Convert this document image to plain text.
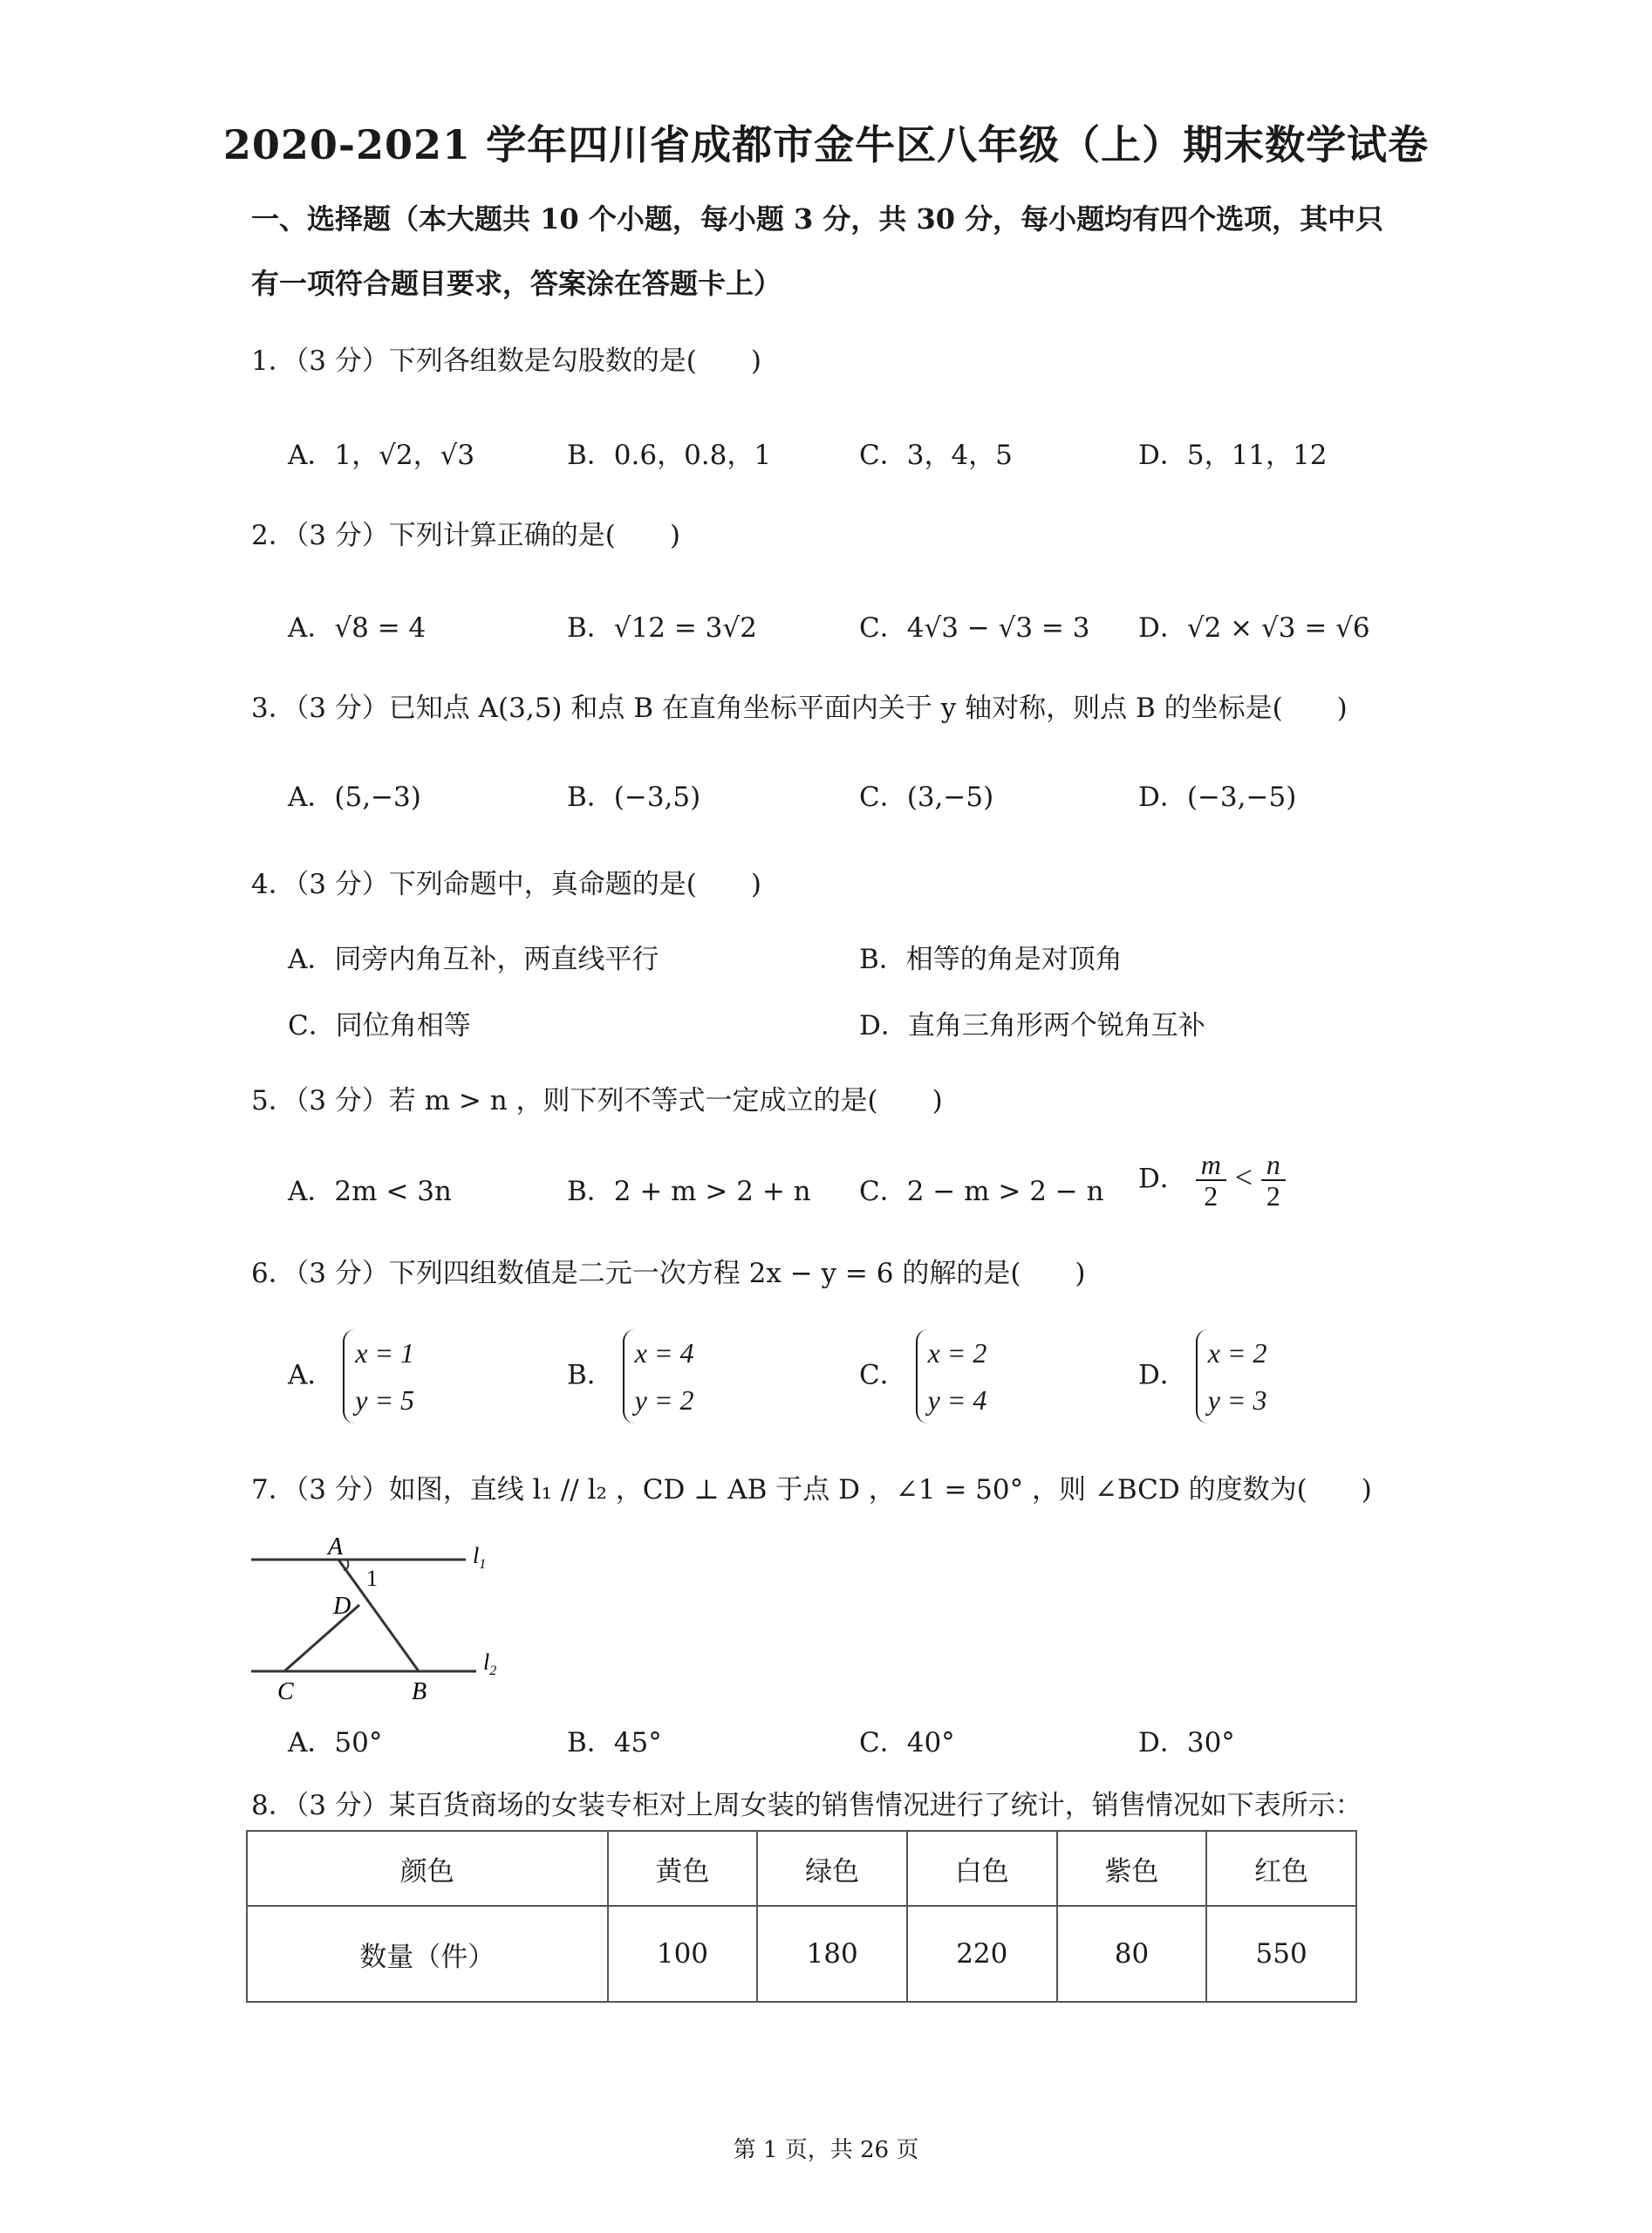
2020-2021 学年四川省成都市金牛区八年级（上）期末数学试卷
一、选择题（本大题共 10 个小题，每小题 3 分，共 30 分，每小题均有四个选项，其中只有一项符合题目要求，答案涂在答题卡上）
1．（3 分）下列各组数是勾股数的是(　　)
A．1，√2，√3	B．0.6，0.8，1	C．3，4，5	D．5，11，12
2．（3 分）下列计算正确的是(　　)
A．√8 = 4	B．√12 = 3√2	C．4√3 − √3 = 3 D．√2 × √3 = √6
3．（3 分）已知点 A(3,5) 和点 B 在直角坐标平面内关于 y 轴对称，则点 B 的坐标是(　　)
A．(5,−3)	B．(−3,5)	C．(3,−5)	D．(−3,−5)
4．（3 分）下列命题中，真命题的是(　　)
A．同旁内角互补，两直线平行	B．相等的角是对顶角
C．同位角相等	D．直角三角形两个锐角互补
5．（3 分）若 m > n ，则下列不等式一定成立的是(　　)
A．2m < 3n	B．2 + m > 2 + n C．2 − m > 2 − n D． $\frac{m}{2} < \frac{n}{2}$
6．（3 分）下列四组数值是二元一次方程 2x − y = 6 的解的是(　　)
A．
x = 1
y = 5
B．
x = 4
y = 2
C．
x = 2
y = 4
D．
x = 2
y = 3
7．（3 分）如图，直线 l₁ // l₂ ，CD ⊥ AB 于点 D ，∠1 = 50° ，则 ∠BCD 的度数为(　　)
A
1
D
C	B
$l_1$
$l_2$
A．50°	B．45°	C．40°	D．30°
8．（3 分）某百货商场的女装专柜对上周女装的销售情况进行了统计，销售情况如下表所示：
颜色	黄色	绿色	白色	紫色	红色
数量（件）	100	180	220	80	550
第 1 页，共 26 页
